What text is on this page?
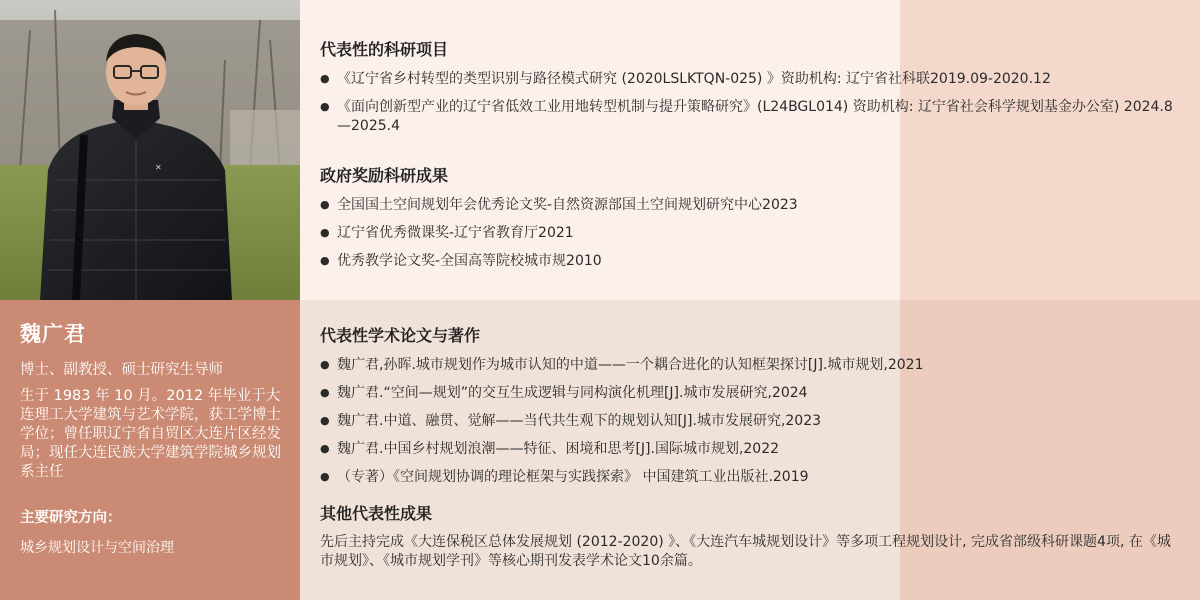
✕
魏广君
博士、副教授、硕士研究生导师
生于 1983 年 10 月。2012 年毕业于大连理工大学建筑与艺术学院，获工学博士学位；曾任职辽宁省自贸区大连片区经发局；现任大连民族大学建筑学院城乡规划系主任
主要研究方向：
城乡规划设计与空间治理
代表性的科研项目
● 《辽宁省乡村转型的类型识别与路径模式研究 (2020LSLKTQN-025) 》资助机构: 辽宁省社科联2019.09-2020.12
● 《面向创新型产业的辽宁省低效工业用地转型机制与提升策略研究》(L24BGL014) 资助机构: 辽宁省社会科学规划基金办公室) 2024.8—2025.4
政府奖励科研成果
● 全国国土空间规划年会优秀论文奖-自然资源部国土空间规划研究中心2023
● 辽宁省优秀微课奖-辽宁省教育厅2021
● 优秀教学论文奖-全国高等院校城市规2010
代表性学术论文与著作
● 魏广君,孙晖.城市规划作为城市认知的中道——一个耦合进化的认知框架探讨[J].城市规划,2021
● 魏广君.“空间—规划”的交互生成逻辑与同构演化机理[J].城市发展研究,2024
● 魏广君.中道、融贯、觉解——当代共生观下的规划认知[J].城市发展研究,2023
● 魏广君.中国乡村规划浪潮——特征、困境和思考[J].国际城市规划,2022
● （专著）《空间规划协调的理论框架与实践探索》 中国建筑工业出版社.2019
其他代表性成果
先后主持完成《大连保税区总体发展规划 (2012-2020) 》、《大连汽车城规划设计》等多项工程规划设计, 完成省部级科研课题4项, 在《城市规划》、《城市规划学刊》等核心期刊发表学术论文10余篇。
